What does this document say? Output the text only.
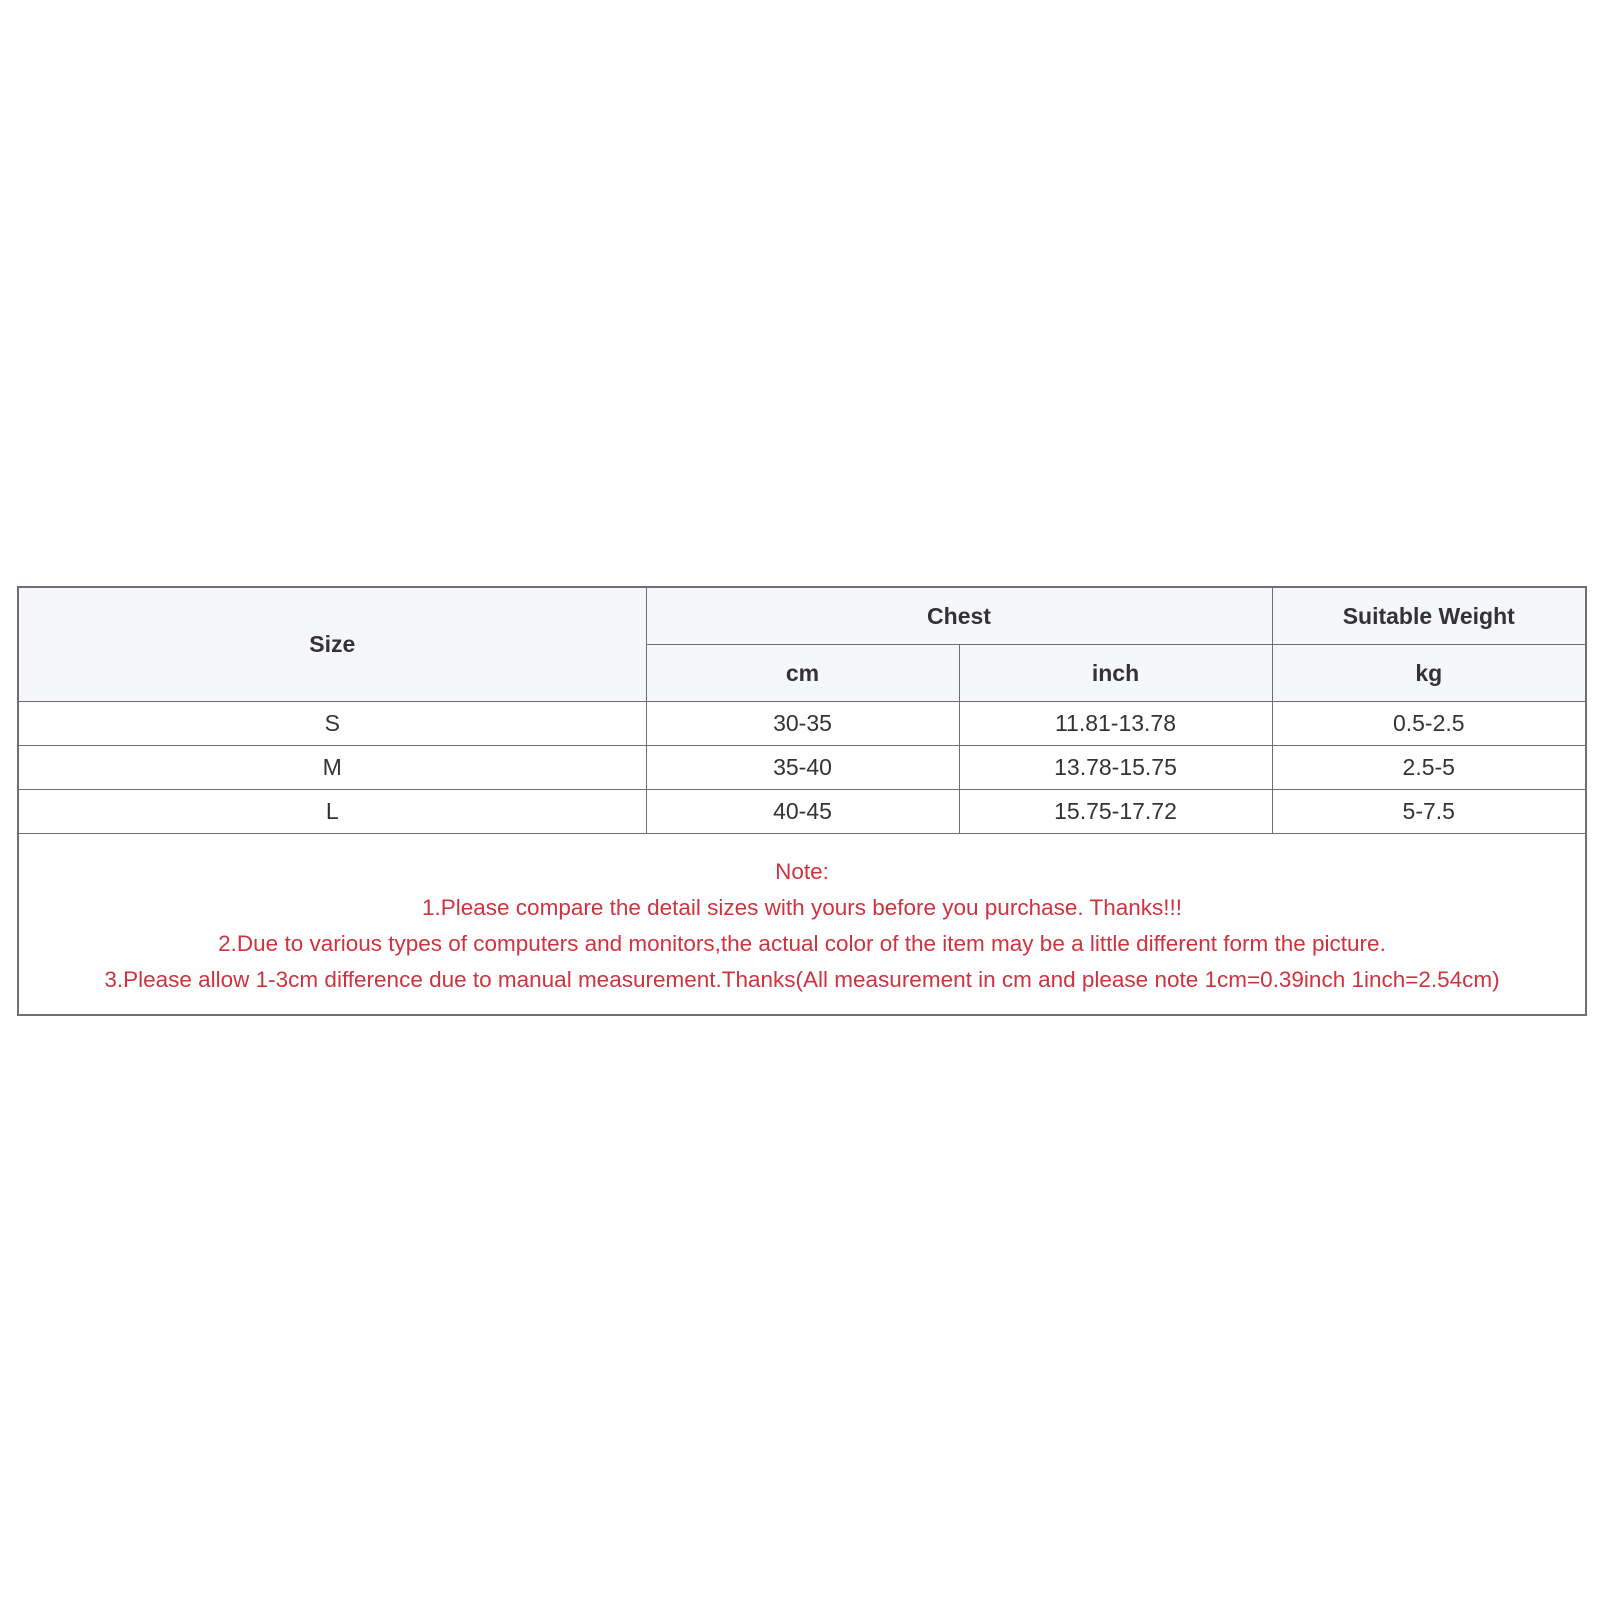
Size	Chest		Suitable Weight
	cm	inch	kg
S	30-35	11.81-13.78	0.5-2.5
M	35-40	13.78-15.75	2.5-5
L	40-45	15.75-17.72	5-7.5

Note:
1.Please compare the detail sizes with yours before you purchase. Thanks!!!
2.Due to various types of computers and monitors,the actual color of the item may be a little different form the picture.
3.Please allow 1-3cm difference due to manual measurement.Thanks(All measurement in cm and please note 1cm=0.39inch 1inch=2.54cm)			
